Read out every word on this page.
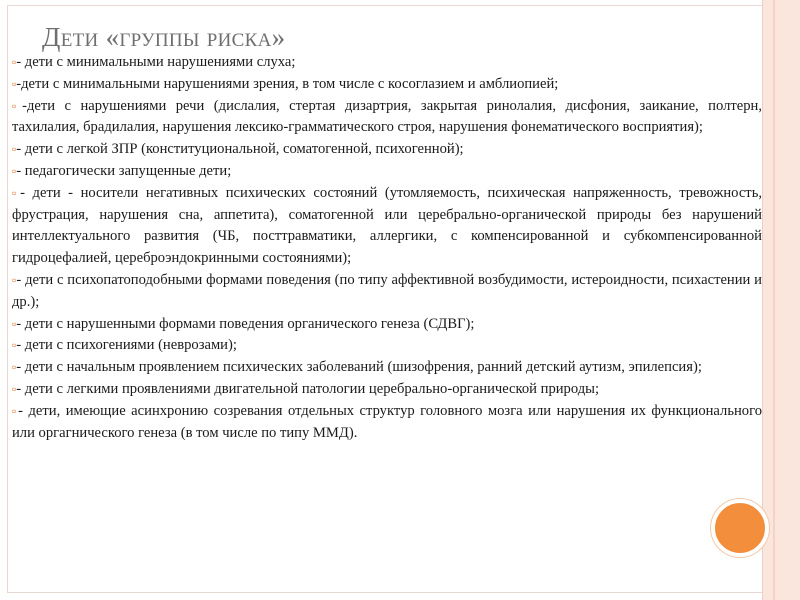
Дети «группы риска»

▫- дети с минимальными нарушениями слуха;

▫-дети с минимальными нарушениями зрения, в том числе с косоглазием и амблиопией;

▫-дети с нарушениями речи (дислалия, стертая дизартрия, закрытая ринолалия, дисфония, заикание, полтерн, тахилалия, брадилалия, нарушения лексико-грамматического строя, нарушения фонематического восприятия);

▫- дети с легкой ЗПР (конституциональной, соматогенной, психогенной);

▫- педагогически запущенные дети;

▫- дети - носители негативных психических состояний (утомляемость, психическая напряженность, тревожность, фрустрация, нарушения сна, аппетита), соматогенной или церебрально-органической природы без нарушений интеллектуального развития (ЧБ, посттравматики, аллергики, с компенсированной и субкомпенсированной гидроцефалией, цереброэндокринными состояниями);

▫- дети с психопатоподобными формами поведения (по типу аффективной возбудимости, истероидности, психастении и др.);

▫- дети с нарушенными формами поведения органического генеза (СДВГ);

▫- дети с психогениями (неврозами);

▫- дети с начальным проявлением психических заболеваний (шизофрения, ранний детский аутизм, эпилепсия);

▫- дети с легкими проявлениями двигательной патологии церебрально-органической природы;

▫- дети, имеющие асинхронию созревания отдельных структур головного мозга или нарушения их функционального или оргагнического генеза (в том числе по типу ММД).
